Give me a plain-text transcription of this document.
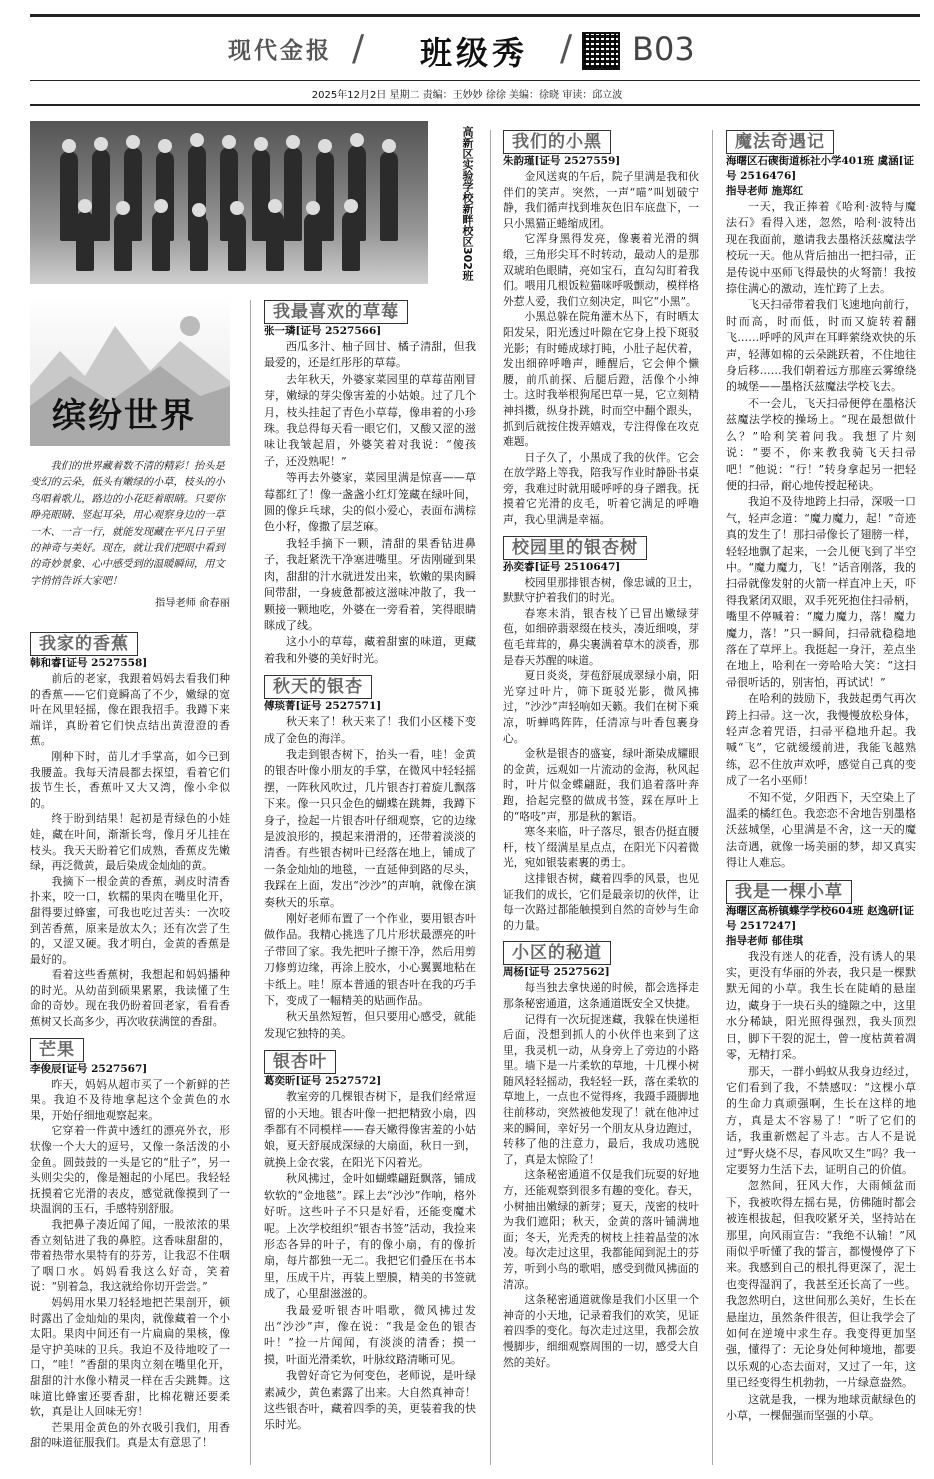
现代金报 / 班级秀 / B03
2025年12月2日 星期二 责编：王妙妙 徐徐 美编：徐晓 审读：邱立波
高新区实验学校新畔校区302班
缤纷世界

我们的世界藏着数不清的精彩！抬头是变幻的云朵，低头有嫩绿的小草，枝头的小鸟唱着歌儿，路边的小花眨着眼睛。只要你睁亮眼睛、竖起耳朵，用心观察身边的一草一木、一言一行，就能发现藏在平凡日子里的神奇与美好。现在，就让我们把眼中看到的奇妙景象、心中感受到的温暖瞬间，用文字悄悄告诉大家吧！

指导老师 俞春丽
我家的香蕉
韩和睿[证号 2527558]

前后的老家，我跟着妈妈去看我们种的香蕉——它们竟瞬高了不少，嫩绿的宽叶在风里轻摇，像在跟我招手。我蹲下来端详，真盼着它们快点结出黄澄澄的香蕉。

刚种下时，苗儿才手掌高，如今已到我腰盖。我每天清晨都去探望，看着它们拔节生长，香蕉叶又大又湾，像小伞似的。

终于盼到结果！起初是青绿色的小娃娃，藏在叶间，渐渐长弯，像月牙儿挂在枝头。我天天盼着它们成熟，香蕉皮先嫩绿，再泛微黄，最后染成金灿灿的黄。

我摘下一根金黄的香蕉，剥皮时清香扑来，咬一口，软糯的果肉在嘴里化开，甜得要过蜂蜜，可我也吃过苦头：一次咬到苦香蕉，原来是放太久；还有次尝了生的，又涩又硬。我才明白，金黄的香蕉是最好的。

看着这些香蕉树，我想起和妈妈播种的时光。从幼苗到硕果累累，我读懂了生命的奇妙。现在我仍盼着回老家，看看香蕉树又长高多少，再次收获满筐的香甜。

芒果
李俊辰[证号 2527567]

昨天，妈妈从超市买了一个新鲜的芒果。我迫不及待地拿起这个金黄色的水果，开始仔细地观察起来。

它穿着一件黄中透红的漂亮外衣，形状像一个大大的逗号，又像一条活泼的小金鱼。圆鼓鼓的一头是它的“肚子”，另一头则尖尖的，像是翘起的小尾巴。我轻轻抚摸着它光滑的表皮，感觉就像摸到了一块温润的玉石，手感特别舒服。

我把鼻子凑近闻了闻，一股浓浓的果香立刻钻进了我的鼻腔。这香味甜甜的，带着热带水果特有的芬芳，让我忍不住咽了咽口水。妈妈看我这么好奇，笑着说：“别着急，我这就给你切开尝尝。”

妈妈用水果刀轻轻地把芒果剖开，顿时露出了金灿灿的果肉，就像藏着一个小太阳。果肉中间还有一片扁扁的果核，像是守护美味的卫兵。我迫不及待地咬了一口，“哇！”香甜的果肉立刻在嘴里化开，甜甜的汁水像小精灵一样在舌尖跳舞。这味道比蜂蜜还要香甜，比棉花糖还要柔软，真是让人回味无穷！

芒果用金黄色的外衣吸引我们，用香甜的味道征服我们。真是太有意思了！

我最喜欢的草莓
张一璘[证号 2527566]

西瓜多汁、柚子回甘、橘子清甜，但我最爱的，还是红彤彤的草莓。

去年秋天，外婆家菜园里的草莓苗刚冒芽，嫩绿的芽尖像害羞的小姑娘。过了几个月，枝头挂起了青色小草莓，像串着的小珍珠。我总得每天看一眼它们，又酸又涩的滋味让我皱起眉，外婆笑着对我说：“傻孩子，还没熟呢！”

等再去外婆家，菜园里满是惊喜——草莓都红了！像一盏盏小红灯笼藏在绿叶间，圆的像乒乓球，尖的似小爱心，表面布满棕色小籽，像撒了层芝麻。

我轻手摘下一颗，清甜的果香钻进鼻子，我赶紧洗干净塞进嘴里。牙齿刚碰到果肉，甜甜的汁水就迸发出来，软嫩的果肉瞬间带甜，一身疲惫都被这滋味冲散了，我一颗接一颗地吃，外婆在一旁看着，笑得眼睛眯成了线。

这小小的草莓，藏着甜蜜的味道，更藏着我和外婆的美好时光。

秋天的银杏
傅琰菁[证号 2527571]

秋天来了！秋天来了！我们小区楼下变成了金色的海洋。

我走到银杏树下，抬头一看，哇！金黄的银杏叶像小朋友的手掌，在微风中轻轻摇摆，一阵秋风吹过，几片银杏打着旋儿飘落下来。像一只只金色的蝴蝶在跳舞，我蹲下身子，捡起一片银杏叶仔细观察，它的边缘是波浪形的，摸起来滑滑的，还带着淡淡的清香。有些银杏树叶已经落在地上，铺成了一条金灿灿的地毯，一直延伸到路的尽头，我踩在上面，发出“沙沙”的声响，就像在演奏秋天的乐章。

刚好老师布置了一个作业，要用银杏叶做作品。我精心挑选了几片形状最漂亮的叶子带回了家。我先把叶子擦干净，然后用剪刀修剪边缘，再涂上胶水，小心翼翼地粘在卡纸上。哇！原本普通的银杏叶在我的巧手下，变成了一幅精美的贴画作品。

秋天虽然短暂，但只要用心感受，就能发现它独特的美。

银杏叶
葛奕昕[证号 2527572]

教室旁的几棵银杏树下，是我们经常逗留的小天地。银杏叶像一把把精致小扇，四季都有不同模样——春天嫩得像害羞的小姑娘，夏天舒展成深绿的大扇面，秋日一到，就换上金衣裳，在阳光下闪着光。

秋风拂过，金叶如蝴蝶翩跹飘落，铺成软软的“金地毯”。踩上去“沙沙”作响，格外好听。这些叶子不只是好看，还能变魔术呢。上次学校组织“银杏书签”活动，我捡来形态各异的叶子，有的像小扇，有的像折扇，每片都独一无二。我把它们叠压在书本里，压成干片，再装上塑膜，精美的书签就成了，心里甜滋滋的。

我最爱听银杏叶唱歌，微风拂过发出“沙沙”声，像在说：“我是金色的银杏叶！”捡一片闻闻，有淡淡的清香；摸一摸，叶面光滑柔软，叶脉纹路清晰可见。

我曾好奇它为何变色，老师说，是叶绿素减少，黄色素露了出来。大自然真神奇！这些银杏叶，藏着四季的美，更装着我的快乐时光。

我们的小黑
朱韵瑾[证号 2527559]

金风送爽的午后，院子里满是我和伙伴们的笑声。突然，一声“喵”叫划破宁静，我们循声找到堆灰色旧车底盘下，一只小黑猫正蜷缩成团。

它浑身黑得发亮，像裹着光滑的绸缎，三角形尖耳不时转动，最动人的是那双琥珀色眼睛，亮如宝石，直勾勾盯着我们。喂用几根饭粒猫咪呼吸颤动，模样格外惹人爱，我们立刻决定，叫它“小黑”。

小黑总躲在院角灌木丛下，有时晒太阳发呆，阳光透过叶隙在它身上投下斑驳光影；有时蜷成球打盹，小肚子起伏着，发出细碎呼噜声，睡醒后，它会伸个懒腰，前爪前探、后腿后蹬，活像个小绅士。这时我举根狗尾巴草一晃，它立刻精神抖擞，纵身扑跳，时而空中翻个跟头，抓到后就按住拨弄嬉戏，专注得像在攻克难题。

日子久了，小黑成了我的伙伴。它会在放学路上等我，陪我写作业时静卧书桌旁，我难过时就用暖呼呼的身子蹭我。抚摸着它光滑的皮毛，听着它满足的呼噜声，我心里满是幸福。

校园里的银杏树
孙奕睿[证号 2510647]

校园里那排银杏树，像忠诚的卫士，默默守护着我们的时光。

春寒未消，银杏枝丫已冒出嫩绿芽苞，如细碎翡翠缀在枝头，凑近细嗅，芽苞毛茸茸的，鼻尖裹满着草木的淡香，那是春天苏醒的味道。

夏日炎炎，芽苞舒展成翠绿小扇，阳光穿过叶片，筛下斑驳光影，微风拂过，“沙沙”声轻响如天籁。我们在树下乘凉，听蝉鸣阵阵，任清凉与叶香包裹身心。

金秋是银杏的盛宴，绿叶渐染成耀眼的金黄，远观如一片流动的金海，秋风起时，叶片似金蝶翩跹，我们追着落叶奔跑，拾起完整的做成书签，踩在厚叶上的“咯吱”声，那是秋的絮语。

寒冬来临，叶子落尽，银杏仍挺直腰杆，枝丫缀满星星点点，在阳光下闪着微光，宛如银装素裹的勇士。

这排银杏树，藏着四季的风景，也见证我们的成长，它们是最亲切的伙伴，让每一次路过都能触摸到自然的奇妙与生命的力量。

小区的秘道
周杨[证号 2527562]

每当独去拿快递的时候，都会选择走那条秘密通道，这条通道既安全又快捷。

记得有一次玩捉迷藏，我躲在快递柜后面，没想到抓人的小伙伴也来到了这里，我灵机一动，从身旁上了旁边的小路里。墙下是一片柔软的草地，十几棵小树随风轻轻摇动，我轻轻一跃，落在柔软的草地上，一点也不觉得疼，我蹑手蹑脚地往前移动，突然被他发现了！就在他冲过来的瞬间，幸好另一个朋友从身边跑过，转移了他的注意力，最后，我成功逃脱了，真是太惊险了！

这条秘密通道不仅是我们玩耍的好地方，还能观察到很多有趣的变化。春天，小树抽出嫩绿的新芽；夏天，茂密的枝叶为我们遮阳；秋天，金黄的落叶铺满地面；冬天，光秃秃的树枝上挂着晶莹的冰凌。每次走过这里，我都能闻到泥土的芬芳，听到小鸟的歌唱，感受到微风拂面的清凉。

这条秘密通道就像是我们小区里一个神奇的小天地，记录着我们的欢笑，见证着四季的变化。每次走过这里，我都会放慢脚步，细细观察周围的一切，感受大自然的美好。

魔法奇遇记
海曙区石碶街道栎社小学401班 虞涵[证号 2516476]
指导老师 施郑红

一天，我正捧着《哈利·波特与魔法石》看得入迷，忽然，哈利·波特出现在我面前，邀请我去墨格沃兹魔法学校玩一天。他从背后抽出一把扫帚，正是传说中巫师飞得最快的火弩箭！我按捺住满心的激动，连忙跨了上去。

飞天扫帚带着我们飞速地向前行，时而高，时而低，时而又旋转着翻飞……呼呼的风声在耳畔萦绕欢快的乐声，轻薄如棉的云朵跳跃着，不住地往身后移……我们朝着远方那座云雾缭绕的城堡——墨格沃兹魔法学校飞去。

不一会儿，飞天扫帚便停在墨格沃兹魔法学校的操场上。“现在最想做什么？”哈利笑着问我。我想了片刻说：“要不，你来教我骑飞天扫帚吧！”他说：“行！”转身拿起另一把轻便的扫帚，耐心地传授起秘诀。

我迫不及待地跨上扫帚，深吸一口气，轻声念道：“魔力魔力，起！”奇迹真的发生了！那扫帚像长了翅膀一样，轻轻地飘了起来，一会儿便飞到了半空中。“魔力魔力，飞！”话音刚落，我的扫帚就像发射的火箭一样直冲上天，吓得我紧闭双眼，双手死死抱住扫帚柄，嘴里不停喊着：“魔力魔力，落！魔力魔力，落！”只一瞬间，扫帚就稳稳地落在了草坪上。我挺起一身汗，差点坐在地上，哈利在一旁哈哈大笑：“这扫帚很听话的，别害怕，再试试！”

在哈利的鼓励下，我鼓起勇气再次跨上扫帚。这一次，我慢慢放松身体，轻声念着咒语，扫帚平稳地升起。我喊“飞”，它就缓缓前进，我能飞越熟练，忍不住放声欢呼，感觉自己真的变成了一名小巫师！

不知不觉，夕阳西下，天空染上了温柔的橘红色。我恋恋不舍地告别墨格沃兹城堡，心里满是不舍，这一天的魔法奇遇，就像一场美丽的梦，却又真实得让人难忘。

我是一棵小草
海曙区高桥镇蝶学学校604班 赵逸研[证号 2517247]
指导老师 郁佳琪

我没有迷人的花香，没有诱人的果实，更没有华丽的外表，我只是一棵默默无闻的小草。我生长在陡峭的悬崖边，藏身于一块石头的缝隙之中，这里水分稀缺，阳光照得强烈，我头顶烈日，脚下干裂的泥土，曾一度枯黄着凋零，无精打采。

那天，一群小蚂蚁从我身边经过，它们看到了我，不禁感叹：“这棵小草的生命力真顽强啊，生长在这样的地方，真是太不容易了！”听了它们的话，我重新燃起了斗志。古人不是说过“野火烧不尽，春风吹又生”吗？我一定要努力生活下去，证明自己的价值。

忽然间，狂风大作，大雨倾盆而下，我被吹得左摇右晃，仿佛随时都会被连根拔起，但我咬紧牙关，坚持站在那里，向风雨宣告：“我绝不认输！”风雨似乎听懂了我的誓言，都慢慢停了下来。我感到自己的根扎得更深了，泥土也变得湿润了，我甚至还长高了一些。我忽然明白，这世间那么美好，生长在悬崖边，虽然条件很苦，但让我学会了如何在逆境中求生存。我变得更加坚强，懂得了：无论身处何种境地，都要以乐观的心态去面对，又过了一年，这里已经变得生机勃勃，一片绿意盎然。

这就是我，一棵为地球贡献绿色的小草，一棵倔强而坚强的小草。
